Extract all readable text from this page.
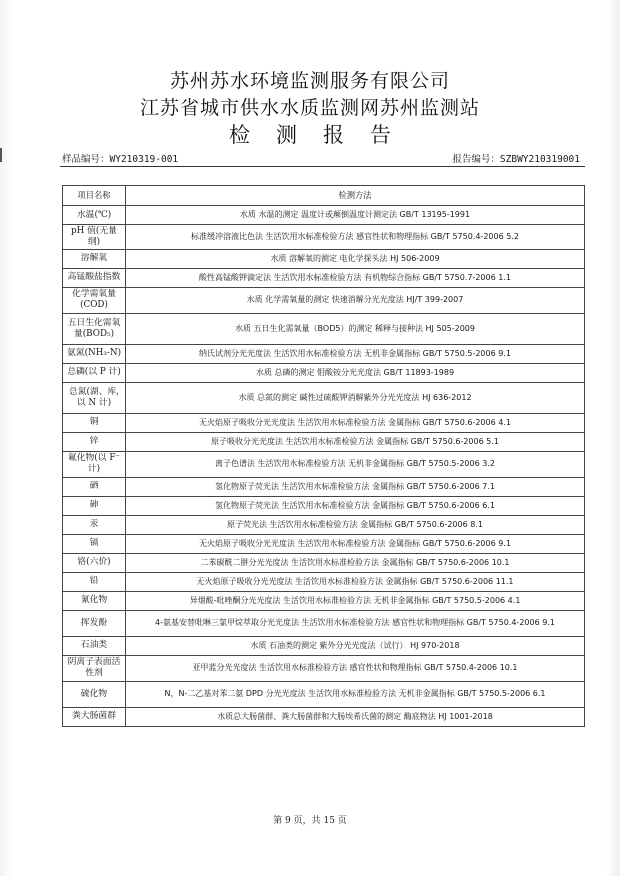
苏州苏水环境监测服务有限公司
江苏省城市供水水质监测网苏州监测站
检测报告
样品编号：WY210319-001	报告编号：SZBWY210319001
项目名称	检测方法
水温(℃)	水质 水温的测定 温度计或颠倒温度计测定法 GB/T 13195-1991
pH 值(无量纲)	标准缓冲溶液比色法 生活饮用水标准检验方法 感官性状和物理指标 GB/T 5750.4-2006 5.2
溶解氧	水质 溶解氧的测定 电化学探头法 HJ 506-2009
高锰酸盐指数	酸性高锰酸钾滴定法 生活饮用水标准检验方法 有机物综合指标 GB/T 5750.7-2006 1.1
化学需氧量(COD)	水质 化学需氧量的测定 快速消解分光光度法 HJ/T 399-2007
五日生化需氧量(BOD₅)	水质 五日生化需氧量（BOD5）的测定 稀释与接种法 HJ 505-2009
氨氮(NH₃-N)	纳氏试剂分光光度法 生活饮用水标准检验方法 无机非金属指标 GB/T 5750.5-2006 9.1
总磷(以 P 计)	水质 总磷的测定 钼酸铵分光光度法 GB/T 11893-1989
总氮(湖、库,以 N 计)	水质 总氮的测定 碱性过硫酸钾消解紫外分光光度法 HJ 636-2012
铜	无火焰原子吸收分光光度法 生活饮用水标准检验方法 金属指标 GB/T 5750.6-2006 4.1
锌	原子吸收分光光度法 生活饮用水标准检验方法 金属指标 GB/T 5750.6-2006 5.1
氟化物(以 F⁻计)	离子色谱法 生活饮用水标准检验方法 无机非金属指标 GB/T 5750.5-2006 3.2
硒	氢化物原子荧光法 生活饮用水标准检验方法 金属指标 GB/T 5750.6-2006 7.1
砷	氢化物原子荧光法 生活饮用水标准检验方法 金属指标 GB/T 5750.6-2006 6.1
汞	原子荧光法 生活饮用水标准检验方法 金属指标 GB/T 5750.6-2006 8.1
镉	无火焰原子吸收分光光度法 生活饮用水标准检验方法 金属指标 GB/T 5750.6-2006 9.1
铬(六价)	二苯碳酰二肼分光光度法 生活饮用水标准检验方法 金属指标 GB/T 5750.6-2006 10.1
铅	无火焰原子吸收分光光度法 生活饮用水标准检验方法 金属指标 GB/T 5750.6-2006 11.1
氰化物	异烟酸-吡唑酮分光光度法 生活饮用水标准检验方法 无机非金属指标 GB/T 5750.5-2006 4.1
挥发酚	4-氨基安替吡啉三氯甲烷萃取分光光度法 生活饮用水标准检验方法 感官性状和物理指标 GB/T 5750.4-2006 9.1
石油类	水质 石油类的测定 紫外分光光度法（试行） HJ 970-2018
阴离子表面活性剂	亚甲蓝分光光度法 生活饮用水标准检验方法 感官性状和物理指标 GB/T 5750.4-2006 10.1
硫化物	N，N-二乙基对苯二氨 DPD 分光光度法 生活饮用水标准检验方法 无机非金属指标 GB/T 5750.5-2006 6.1
粪大肠菌群	水质总大肠菌群、粪大肠菌群和大肠埃希氏菌的测定 酶底物法 HJ 1001-2018
第 9 页，共 15 页
